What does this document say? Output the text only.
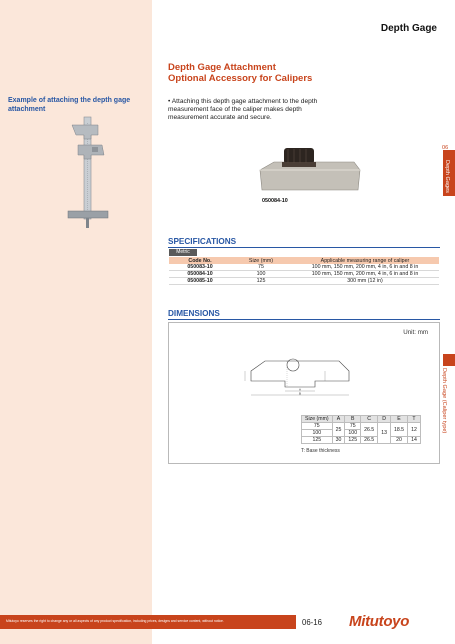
Depth Gage
Depth Gage Attachment
Optional Accessory for Calipers
Example of attaching the depth gage attachment
• Attaching this depth gage attachment to the depth measurement face of the caliper makes depth measurement accurate and secure.
050084-10
SPECIFICATIONS
Metric
Code No.	Size (mm)	Applicable measuring range of caliper
050083-10	75	100 mm, 150 mm, 200 mm, 4 in, 6 in and 8 in
050084-10	100	100 mm, 150 mm, 200 mm, 4 in, 6 in and 8 in
050085-10	125	300 mm (12 in)
DIMENSIONS
Unit: mm
A
B
Size (mm)	A	B	C	D	E	T
75	25	75	26.5	13	18.5	12
100		100				
125	30	125	26.5		20	14
T: Base thickness
06
Depth Gages
Depth Gage (Caliper type)
Mitutoyo reserves the right to change any or all aspects of any product specification, including prices, designs and service content, without notice.	06-16 Mitutoyo
